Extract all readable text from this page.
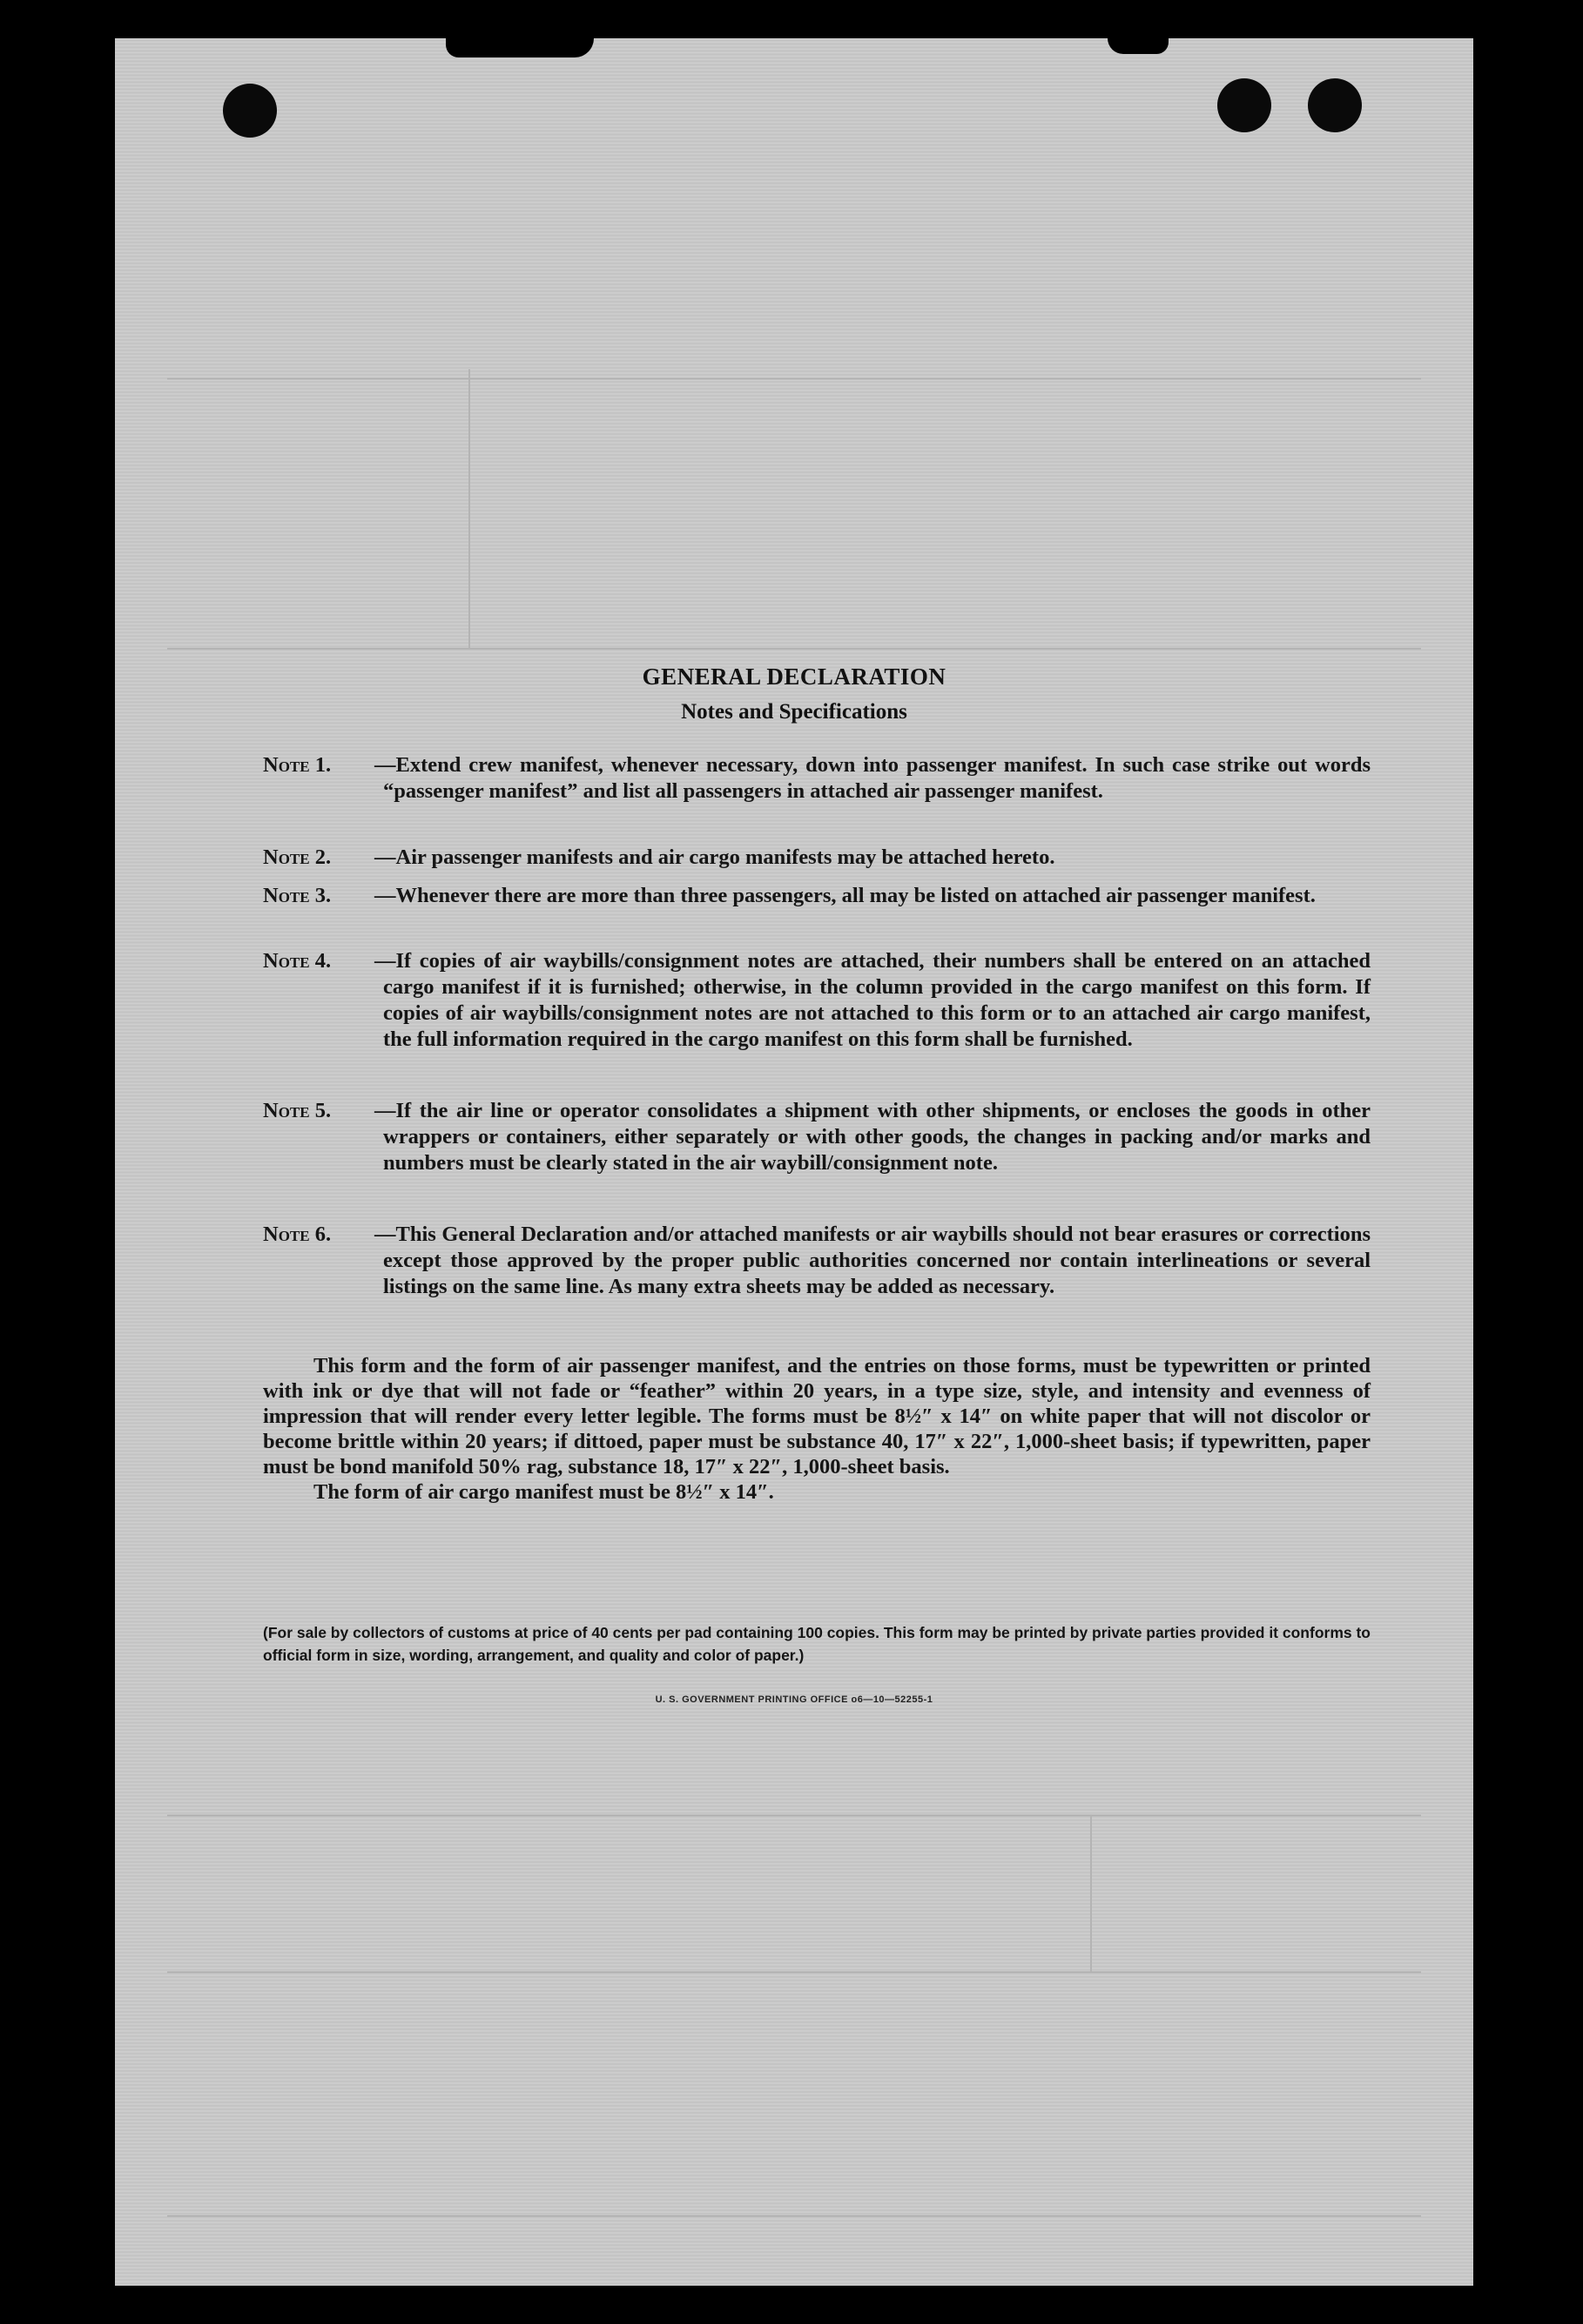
GENERAL DECLARATION
Notes and Specifications
Note 1. —Extend crew manifest, whenever necessary, down into passenger manifest. In such case strike out words “passenger manifest” and list all passengers in attached air passenger manifest.
Note 2. —Air passenger manifests and air cargo manifests may be attached hereto.
Note 3. —Whenever there are more than three passengers, all may be listed on attached air passenger manifest.
Note 4. —If copies of air waybills/consignment notes are attached, their numbers shall be entered on an attached cargo manifest if it is furnished; otherwise, in the column provided in the cargo manifest on this form. If copies of air waybills/consignment notes are not attached to this form or to an attached air cargo manifest, the full information required in the cargo manifest on this form shall be furnished.
Note 5. —If the air line or operator consolidates a shipment with other shipments, or encloses the goods in other wrappers or containers, either separately or with other goods, the changes in packing and/or marks and numbers must be clearly stated in the air waybill/consignment note.
Note 6. —This General Declaration and/or attached manifests or air waybills should not bear erasures or corrections except those approved by the proper public authorities concerned nor contain interlineations or several listings on the same line. As many extra sheets may be added as necessary.

This form and the form of air passenger manifest, and the entries on those forms, must be typewritten or printed with ink or dye that will not fade or “feather” within 20 years, in a type size, style, and intensity and evenness of impression that will render every letter legible. The forms must be 8½″ x 14″ on white paper that will not discolor or become brittle within 20 years; if dittoed, paper must be substance 40, 17″ x 22″, 1,000-sheet basis; if typewritten, paper must be bond manifold 50% rag, substance 18, 17″ x 22″, 1,000-sheet basis.

The form of air cargo manifest must be 8½″ x 14″.

(For sale by collectors of customs at price of 40 cents per pad containing 100 copies. This form may be printed by private parties provided it conforms to official form in size, wording, arrangement, and quality and color of paper.)
U. S. GOVERNMENT PRINTING OFFICE o6—10—52255-1
